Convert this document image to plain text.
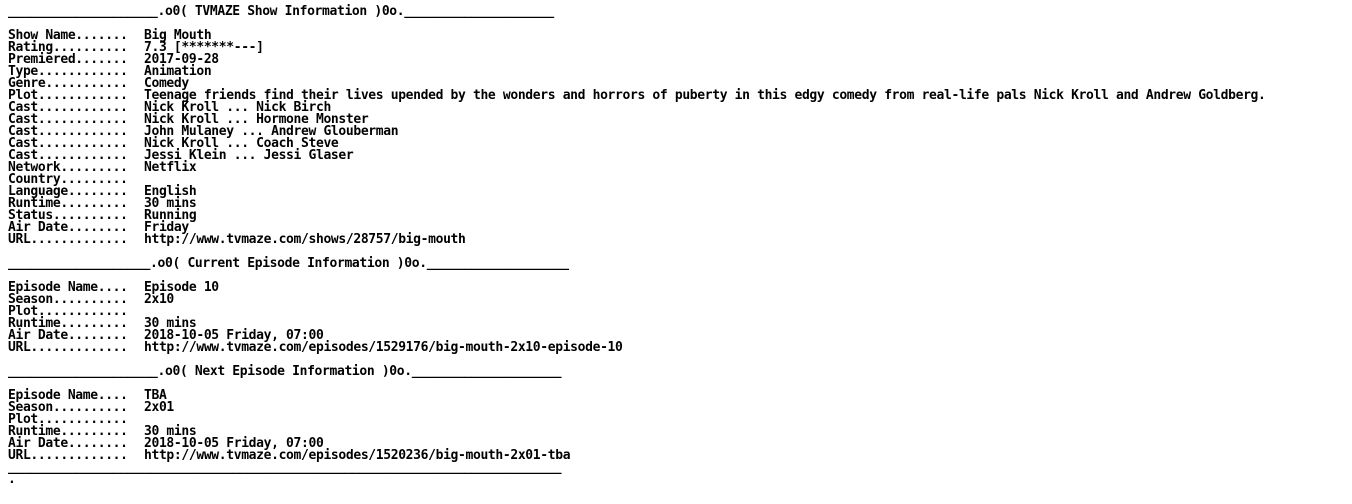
____________________.o0( TVMAZE Show Information )0o.____________________
Show Name....... Big Mouth
Rating.......... 7.3 [*******---]
Premiered....... 2017-09-28
Type............ Animation
Genre........... Comedy
Plot............ Teenage friends find their lives upended by the wonders and horrors of puberty in this edgy comedy from real-life pals Nick Kroll and Andrew Goldberg.
Cast............ Nick Kroll ... Nick Birch
Cast............ Nick Kroll ... Hormone Monster
Cast............ John Mulaney ... Andrew Glouberman
Cast............ Nick Kroll ... Coach Steve
Cast............ Jessi Klein ... Jessi Glaser
Network......... Netflix
Country.........
Language........ English
Runtime......... 30 mins
Status.......... Running
Air Date........ Friday
URL............. http://www.tvmaze.com/shows/28757/big-mouth
___________________.o0( Current Episode Information )0o.___________________
Episode Name.... Episode 10
Season.......... 2x10
Plot............
Runtime......... 30 mins
Air Date........ 2018-10-05 Friday, 07:00
URL............. http://www.tvmaze.com/episodes/1529176/big-mouth-2x10-episode-10
____________________.o0( Next Episode Information )0o.____________________
Episode Name.... TBA
Season.......... 2x01
Plot............
Runtime......... 30 mins
Air Date........ 2018-10-05 Friday, 07:00
URL............. http://www.tvmaze.com/episodes/1520236/big-mouth-2x01-tba
__________________________________________________________________________
.
